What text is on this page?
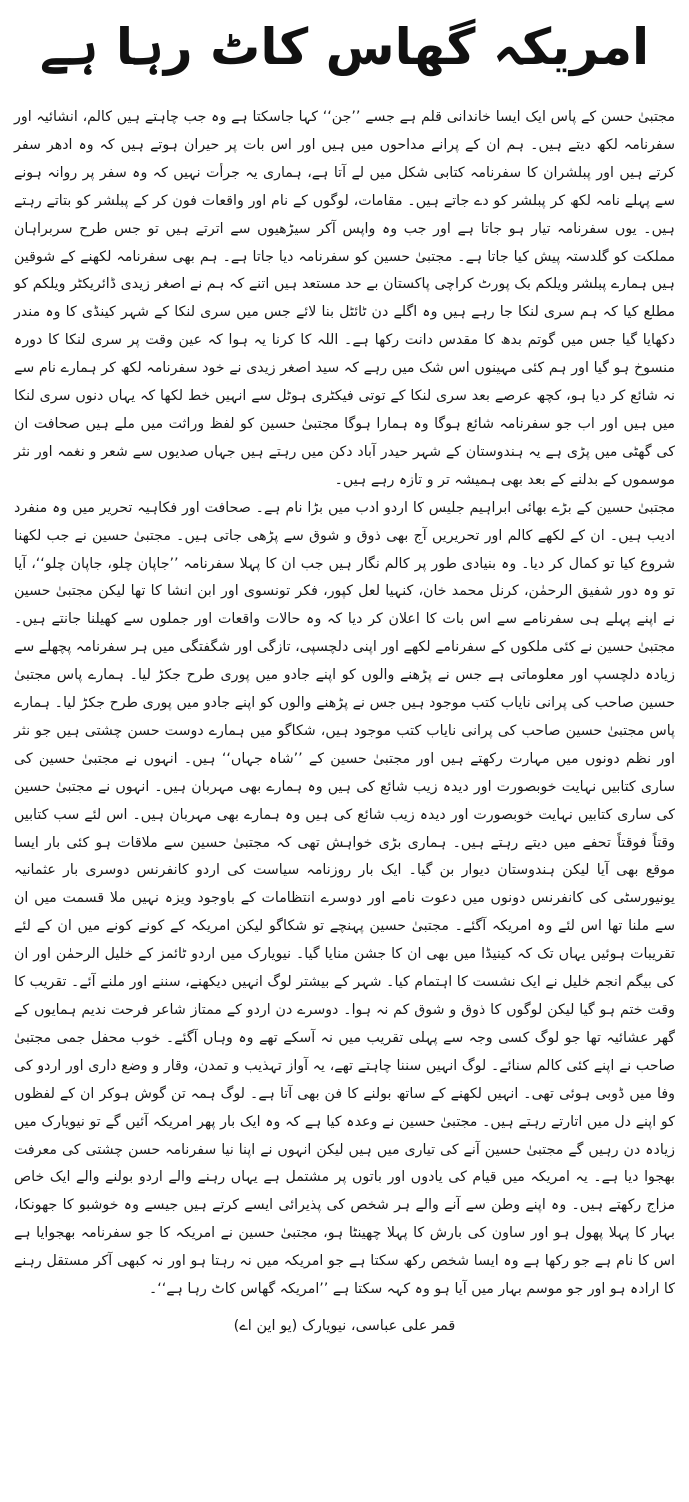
امریکہ گھاس کاٹ رہا ہے

مجتبیٰ حسن کے پاس ایک ایسا خاندانی قلم ہے جسے ’’جن‘‘ کہا جاسکتا ہے وہ جب چاہتے ہیں کالم، انشائیہ اور سفرنامہ لکھ دیتے ہیں۔ ہم ان کے پرانے مداحوں میں ہیں اور اس بات پر حیران ہوتے ہیں کہ وہ ادھر سفر کرتے ہیں اور پبلشران کا سفرنامہ کتابی شکل میں لے آتا ہے، ہماری یہ جرأت نہیں کہ وہ سفر پر روانہ ہونے سے پہلے نامہ لکھ کر پبلشر کو دے جاتے ہیں۔ مقامات، لوگوں کے نام اور واقعات فون کر کے پبلشر کو بتاتے رہتے ہیں۔ یوں سفرنامہ تیار ہو جاتا ہے اور جب وہ واپس آکر سیڑھیوں سے اترتے ہیں تو جس طرح سربراہان مملکت کو گلدستہ پیش کیا جاتا ہے۔ مجتبیٰ حسین کو سفرنامہ دیا جاتا ہے۔ ہم بھی سفرنامہ لکھنے کے شوقین ہیں ہمارے پبلشر ویلکم بک پورٹ کراچی پاکستان بے حد مستعد ہیں اتنے کہ ہم نے اصغر زیدی ڈائریکٹر ویلکم کو مطلع کیا کہ ہم سری لنکا جا رہے ہیں وہ اگلے دن ٹائٹل بنا لائے جس میں سری لنکا کے شہر کینڈی کا وہ مندر دکھایا گیا جس میں گوتم بدھ کا مقدس دانت رکھا ہے۔ اللہ کا کرنا یہ ہوا کہ عین وقت پر سری لنکا کا دورہ منسوخ ہو گیا اور ہم کئی مہینوں اس شک میں رہے کہ سید اصغر زیدی نے خود سفرنامہ لکھ کر ہمارے نام سے نہ شائع کر دیا ہو، کچھ عرصے بعد سری لنکا کے توتی فیکٹری ہوٹل سے انہیں خط لکھا کہ یہاں دنوں سری لنکا میں ہیں اور اب جو سفرنامہ شائع ہوگا وہ ہمارا ہوگا مجتبیٰ حسین کو لفظ وراثت میں ملے ہیں صحافت ان کی گھٹی میں پڑی ہے یہ ہندوستان کے شہر حیدر آباد دکن میں رہتے ہیں جہاں صدیوں سے شعر و نغمہ اور نثر موسموں کے بدلنے کے بعد بھی ہمیشہ تر و تازہ رہے ہیں۔

مجتبیٰ حسین کے بڑے بھائی ابراہیم جلیس کا اردو ادب میں بڑا نام ہے۔ صحافت اور فکاہیہ تحریر میں وہ منفرد ادیب ہیں۔ ان کے لکھے کالم اور تحریریں آج بھی ذوق و شوق سے پڑھی جاتی ہیں۔ مجتبیٰ حسین نے جب لکھنا شروع کیا تو کمال کر دیا۔ وہ بنیادی طور پر کالم نگار ہیں جب ان کا پہلا سفرنامہ ’’جاپان چلو، جاپان چلو‘‘، آیا تو وہ دور شفیق الرحمٰن، کرنل محمد خان، کنہیا لعل کپور، فکر تونسوی اور ابن انشا کا تھا لیکن مجتبیٰ حسین نے اپنے پہلے ہی سفرنامے سے اس بات کا اعلان کر دیا کہ وہ حالات واقعات اور جملوں سے کھیلنا جانتے ہیں۔ مجتبیٰ حسین نے کئی ملکوں کے سفرنامے لکھے اور اپنی دلچسپی، تازگی اور شگفتگی میں ہر سفرنامہ پچھلے سے زیادہ دلچسپ اور معلوماتی ہے جس نے پڑھنے والوں کو اپنے جادو میں پوری طرح جکڑ لیا۔ ہمارے پاس مجتبیٰ حسین صاحب کی پرانی نایاب کتب موجود ہیں جس نے پڑھنے والوں کو اپنے جادو میں پوری طرح جکڑ لیا۔ ہمارے پاس مجتبیٰ حسین صاحب کی پرانی نایاب کتب موجود ہیں، شکاگو میں ہمارے دوست حسن چشتی ہیں جو نثر اور نظم دونوں میں مہارت رکھتے ہیں اور مجتبیٰ حسین کے ’’شاہ جہاں‘‘ ہیں۔ انہوں نے مجتبیٰ حسین کی ساری کتابیں نہایت خوبصورت اور دیدہ زیب شائع کی ہیں وہ ہمارے بھی مہربان ہیں۔ انہوں نے مجتبیٰ حسین کی ساری کتابیں نہایت خوبصورت اور دیدہ زیب شائع کی ہیں وہ ہمارے بھی مہربان ہیں۔ اس لئے سب کتابیں وقتاً فوقتاً تحفے میں دیتے رہتے ہیں۔ ہماری بڑی خواہش تھی کہ مجتبیٰ حسین سے ملاقات ہو کئی بار ایسا موقع بھی آیا لیکن ہندوستان دیوار بن گیا۔ ایک بار روزنامہ سیاست کی اردو کانفرنس دوسری بار عثمانیہ یونیورسٹی کی کانفرنس دونوں میں دعوت نامے اور دوسرے انتظامات کے باوجود ویزہ نہیں ملا قسمت میں ان سے ملنا تھا اس لئے وہ امریکہ آگئے۔ مجتبیٰ حسین پہنچے تو شکاگو لیکن امریکہ کے کونے کونے میں ان کے لئے تقریبات ہوئیں یہاں تک کہ کینیڈا میں بھی ان کا جشن منایا گیا۔ نیویارک میں اردو ٹائمز کے خلیل الرحمٰن اور ان کی بیگم انجم خلیل نے ایک نشست کا اہتمام کیا۔ شہر کے بیشتر لوگ انہیں دیکھنے، سننے اور ملنے آئے۔ تقریب کا وقت ختم ہو گیا لیکن لوگوں کا ذوق و شوق کم نہ ہوا۔ دوسرے دن اردو کے ممتاز شاعر فرحت ندیم ہمایوں کے گھر عشائیہ تھا جو لوگ کسی وجہ سے پہلی تقریب میں نہ آسکے تھے وہ وہاں آگئے۔ خوب محفل جمی مجتبیٰ صاحب نے اپنے کئی کالم سنائے۔ لوگ انہیں سننا چاہتے تھے، یہ آواز تہذیب و تمدن، وقار و وضع داری اور اردو کی وفا میں ڈوبی ہوئی تھی۔ انہیں لکھنے کے ساتھ بولنے کا فن بھی آتا ہے۔ لوگ ہمہ تن گوش ہوکر ان کے لفظوں کو اپنے دل میں اتارتے رہتے ہیں۔ مجتبیٰ حسین نے وعدہ کیا ہے کہ وہ ایک بار پھر امریکہ آئیں گے تو نیویارک میں زیادہ دن رہیں گے مجتبیٰ حسین آنے کی تیاری میں ہیں لیکن انہوں نے اپنا نیا سفرنامہ حسن چشتی کی معرفت بھجوا دیا ہے۔ یہ امریکہ میں قیام کی یادوں اور باتوں پر مشتمل ہے یہاں رہنے والے اردو بولنے والے ایک خاص مزاج رکھتے ہیں۔ وہ اپنے وطن سے آنے والے ہر شخص کی پذیرائی ایسے کرتے ہیں جیسے وہ خوشبو کا جھونکا، بہار کا پہلا پھول ہو اور ساون کی بارش کا پہلا چھینٹا ہو، مجتبیٰ حسین نے امریکہ کا جو سفرنامہ بھجوایا ہے اس کا نام ہے جو رکھا ہے وہ ایسا شخص رکھ سکتا ہے جو امریکہ میں نہ رہتا ہو اور نہ کبھی آکر مستقل رہنے کا ارادہ ہو اور جو موسم بہار میں آیا ہو وہ کہہ سکتا ہے ’’امریکہ گھاس کاٹ رہا ہے‘‘۔

قمر علی عباسی، نیویارک (یو این اے)
